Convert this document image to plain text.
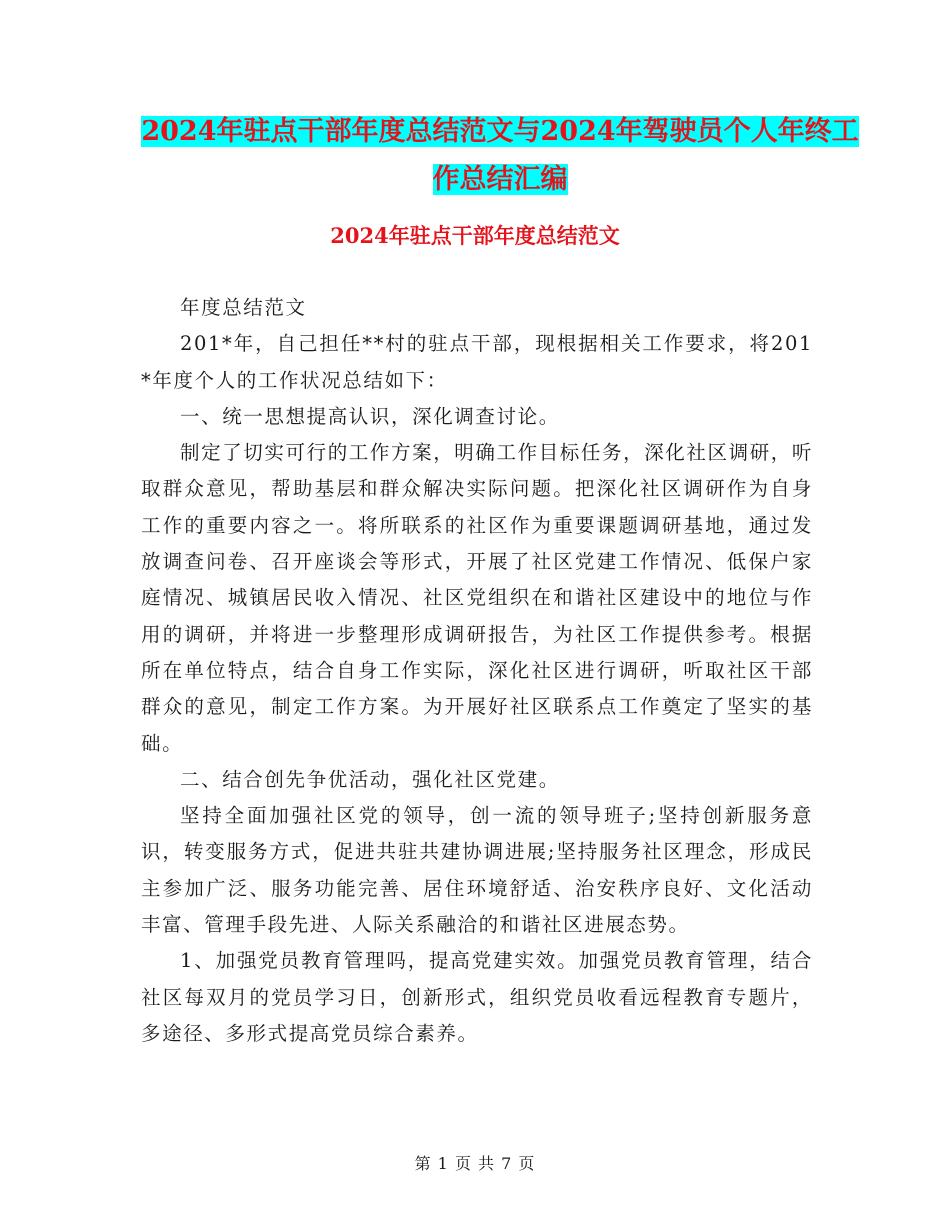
2024年驻点干部年度总结范文与2024年驾驶员个人年终工作总结汇编
2024年驻点干部年度总结范文

年度总结范文

201*年，自己担任**村的驻点干部，现根据相关工作要求，将201*年度个人的工作状况总结如下：

一、统一思想提高认识，深化调查讨论。

制定了切实可行的工作方案，明确工作目标任务，深化社区调研，听取群众意见，帮助基层和群众解决实际问题。把深化社区调研作为自身工作的重要内容之一。将所联系的社区作为重要课题调研基地，通过发放调查问卷、召开座谈会等形式，开展了社区党建工作情况、低保户家庭情况、城镇居民收入情况、社区党组织在和谐社区建设中的地位与作用的调研，并将进一步整理形成调研报告，为社区工作提供参考。根据所在单位特点，结合自身工作实际，深化社区进行调研，听取社区干部群众的意见，制定工作方案。为开展好社区联系点工作奠定了坚实的基础。

二、结合创先争优活动，强化社区党建。

坚持全面加强社区党的领导，创一流的领导班子;坚持创新服务意识，转变服务方式，促进共驻共建协调进展;坚持服务社区理念，形成民主参加广泛、服务功能完善、居住环境舒适、治安秩序良好、文化活动丰富、管理手段先进、人际关系融洽的和谐社区进展态势。

1、加强党员教育管理吗，提高党建实效。加强党员教育管理，结合社区每双月的党员学习日，创新形式，组织党员收看远程教育专题片，多途径、多形式提高党员综合素养。

第 1 页 共 7 页
